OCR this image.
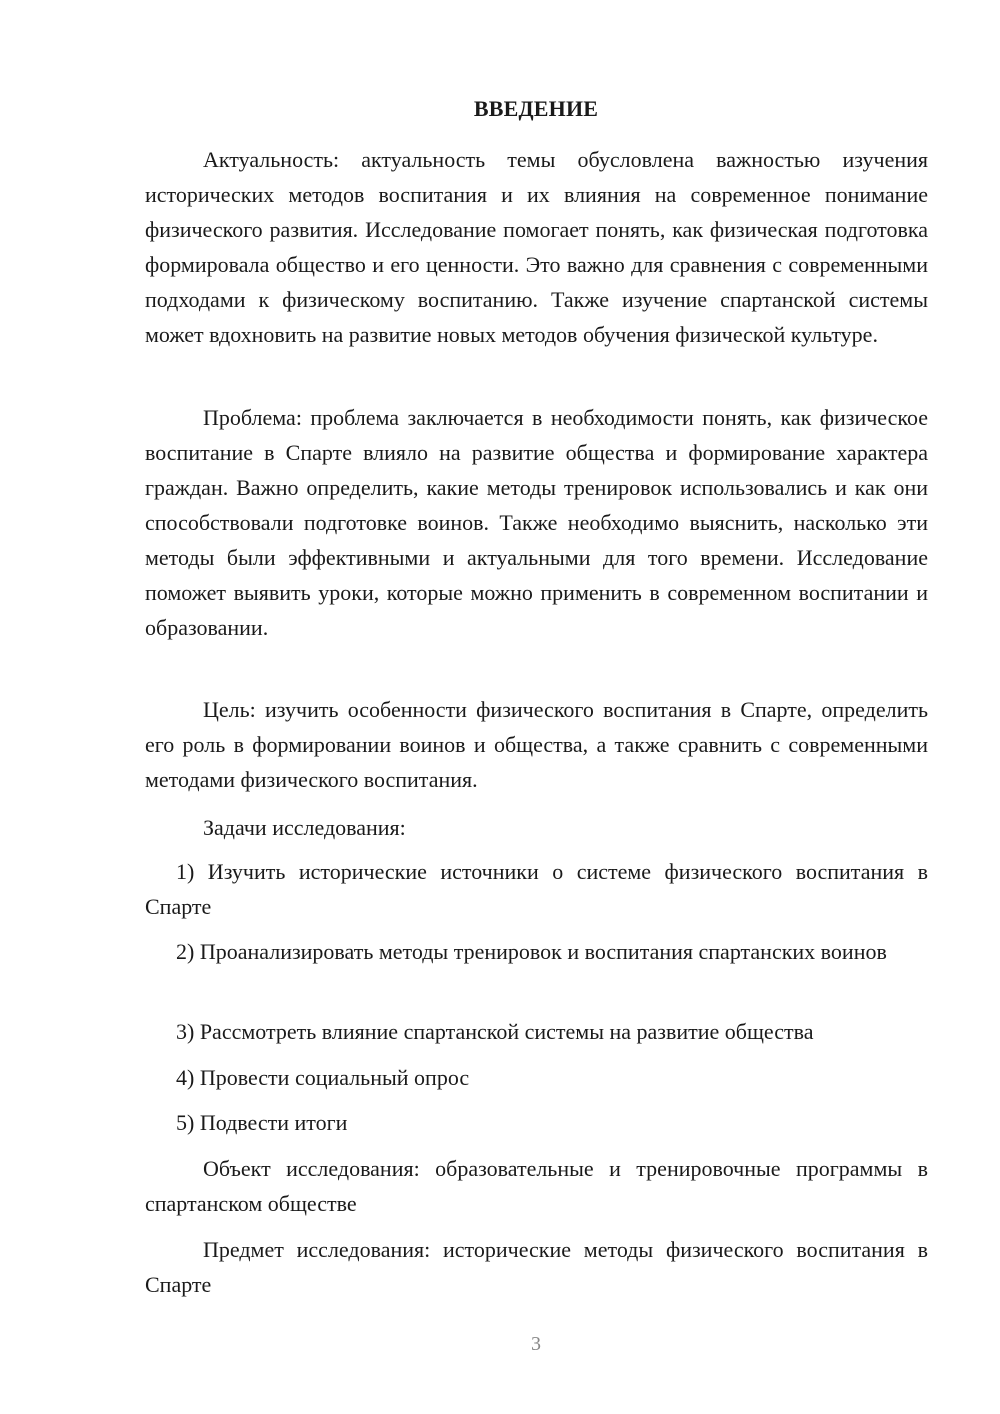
ВВЕДЕНИЕ

Актуальность: актуальность темы обусловлена важностью изучения исторических методов воспитания и их влияния на современное понимание физического развития. Исследование помогает понять, как физическая подготовка формировала общество и его ценности. Это важно для сравнения с современными подходами к физическому воспитанию. Также изучение спартанской системы может вдохновить на развитие новых методов обучения физической культуре.

Проблема: проблема заключается в необходимости понять, как физическое воспитание в Спарте влияло на развитие общества и формирование характера граждан. Важно определить, какие методы тренировок использовались и как они способствовали подготовке воинов. Также необходимо выяснить, насколько эти методы были эффективными и актуальными для того времени. Исследование поможет выявить уроки, которые можно применить в современном воспитании и образовании.

Цель: изучить особенности физического воспитания в Спарте, определить его роль в формировании воинов и общества, а также сравнить с современными методами физического воспитания.

Задачи исследования:

1) Изучить исторические источники о системе физического воспитания в Спарте

2) Проанализировать методы тренировок и воспитания спартанских воинов

3) Рассмотреть влияние спартанской системы на развитие общества

4) Провести социальный опрос

5) Подвести итоги

Объект исследования: образовательные и тренировочные программы в спартанском обществе

Предмет исследования: исторические методы физического воспитания в Спарте

3
